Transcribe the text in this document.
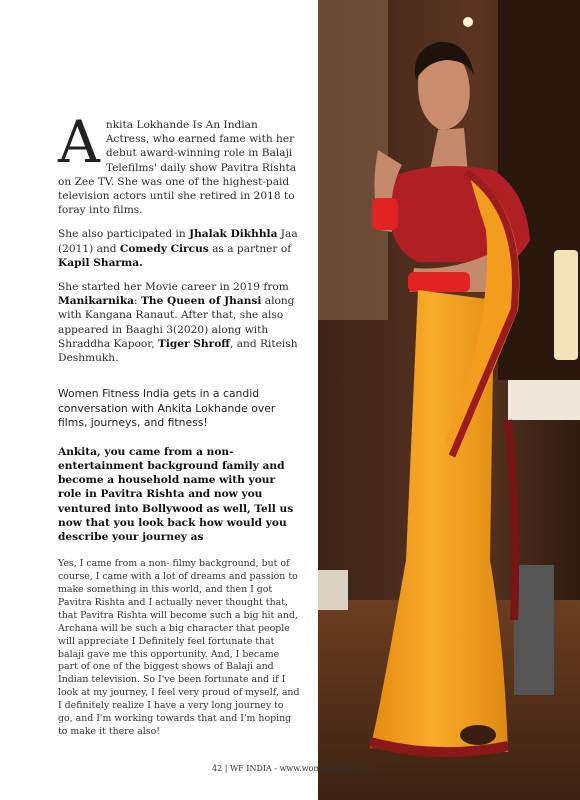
A nkita Lokhande Is An Indian Actress, who earned fame with her debut award-winning role in Balaji Telefilms' daily show Pavitra Rishta on Zee TV. She was one of the highest-paid television actors until she retired in 2018 to foray into films.

She also participated in Jhalak Dikhhla Jaa (2011) and Comedy Circus as a partner of Kapil Sharma.

She started her Movie career in 2019 from Manikarnika: The Queen of Jhansi along with Kangana Ranaut. After that, she also appeared in Baaghi 3(2020) along with Shraddha Kapoor, Tiger Shroff, and Riteish Deshmukh.

Women Fitness India gets in a candid conversation with Ankita Lokhande over films, journeys, and fitness!

Ankita, you came from a non-entertainment background family and become a household name with your role in Pavitra Rishta and now you ventured into Bollywood as well, Tell us now that you look back how would you describe your journey as

Yes, I came from a non- filmy background, but of course, I came with a lot of dreams and passion to make something in this world, and then I got Pavitra Rishta and I actually never thought that, that Pavitra Rishta will become such a big hit and, Archana will be such a big character that people will appreciate I Definitely feel fortunate that balaji gave me this opportunity. And, I became part of one of the biggest shows of Balaji and Indian television. So I've been fortunate and if I look at my journey, I feel very proud of myself, and I definitely realize I have a very long journey to go, and I'm working towards that and I'm hoping to make it there also!

42 | WF INDIA - www.womenfitness.org
